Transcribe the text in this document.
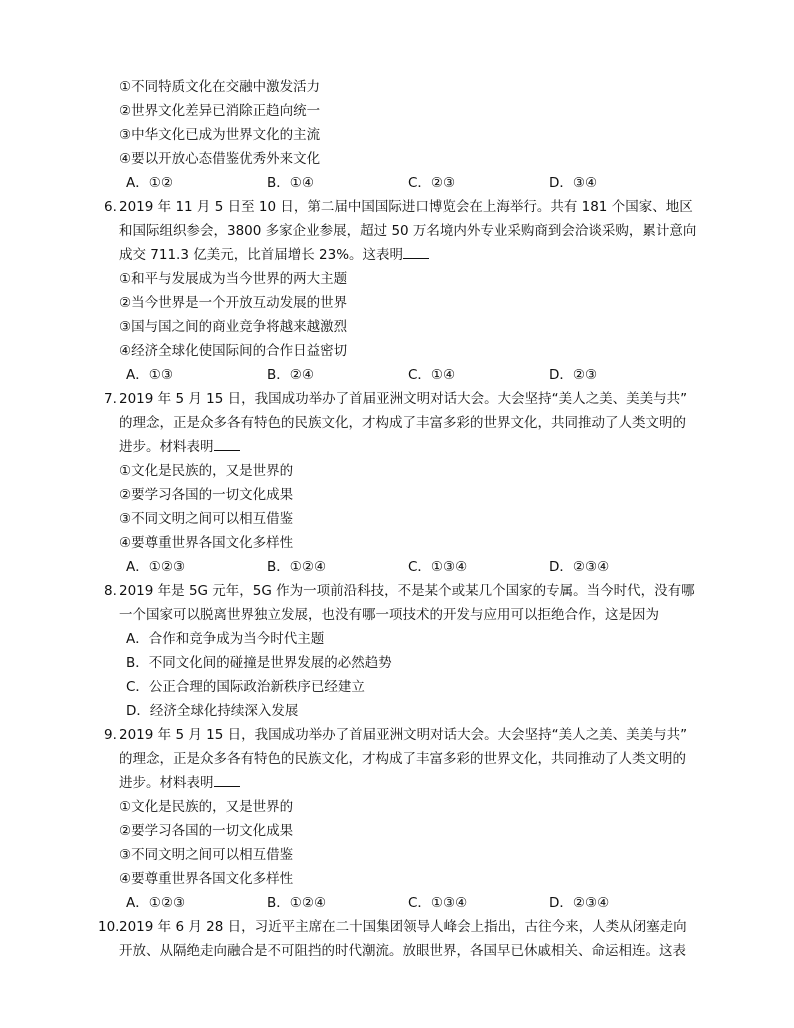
①不同特质文化在交融中激发活力
②世界文化差异已消除正趋向统一
③中华文化已成为世界文化的主流
④要以开放心态借鉴优秀外来文化
A．①②	B．①④	C．②③	D．③④
6. 2019 年 11 月 5 日至 10 日，第二届中国国际进口博览会在上海举行。共有 181 个国家、地区
和国际组织参会，3800 多家企业参展，超过 50 万名境内外专业采购商到会洽谈采购，累计意向
成交 711.3 亿美元，比首届增长 23%。这表明
①和平与发展成为当今世界的两大主题
②当今世界是一个开放互动发展的世界
③国与国之间的商业竞争将越来越激烈
④经济全球化使国际间的合作日益密切
A．①③	B．②④	C．①④	D．②③
7. 2019 年 5 月 15 日，我国成功举办了首届亚洲文明对话大会。大会坚持“美人之美、美美与共”
的理念，正是众多各有特色的民族文化，才构成了丰富多彩的世界文化，共同推动了人类文明的
进步。材料表明
①文化是民族的，又是世界的
②要学习各国的一切文化成果
③不同文明之间可以相互借鉴
④要尊重世界各国文化多样性
A．①②③	B．①②④	C．①③④	D．②③④
8. 2019 年是 5G 元年，5G 作为一项前沿科技，不是某个或某几个国家的专属。当今时代，没有哪
一个国家可以脱离世界独立发展，也没有哪一项技术的开发与应用可以拒绝合作，这是因为
A．合作和竞争成为当今时代主题
B．不同文化间的碰撞是世界发展的必然趋势
C．公正合理的国际政治新秩序已经建立
D．经济全球化持续深入发展
9. 2019 年 5 月 15 日，我国成功举办了首届亚洲文明对话大会。大会坚持“美人之美、美美与共”
的理念，正是众多各有特色的民族文化，才构成了丰富多彩的世界文化，共同推动了人类文明的
进步。材料表明
①文化是民族的，又是世界的
②要学习各国的一切文化成果
③不同文明之间可以相互借鉴
④要尊重世界各国文化多样性
A．①②③	B．①②④	C．①③④	D．②③④
10. 2019 年 6 月 28 日，习近平主席在二十国集团领导人峰会上指出，古往今来，人类从闭塞走向
开放、从隔绝走向融合是不可阻挡的时代潮流。放眼世界，各国早已休戚相关、命运相连。这表
